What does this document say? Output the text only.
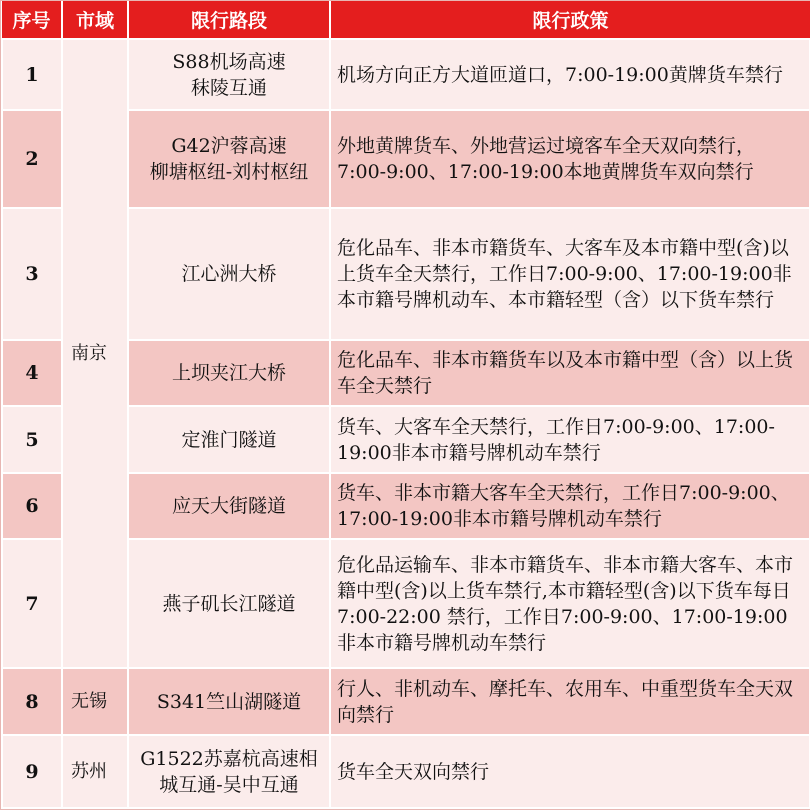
序号	市域	限行路段	限行政策
1	南京	S88机场高速
秣陵互通	机场方向正方大道匝道口，7:00-19:00黄牌货车禁行
2		G42沪蓉高速
柳塘枢纽-刘村枢纽	外地黄牌货车、外地营运过境客车全天双向禁行，7:00-9:00、17:00-19:00本地黄牌货车双向禁行
3		江心洲大桥	危化品车、非本市籍货车、大客车及本市籍中型(含)以上货车全天禁行，工作日7:00-9:00、17:00-19:00非本市籍号牌机动车、本市籍轻型（含）以下货车禁行
4		上坝夹江大桥	危化品车、非本市籍货车以及本市籍中型（含）以上货车全天禁行
5		定淮门隧道	货车、大客车全天禁行，工作日7:00-9:00、17:00-19:00非本市籍号牌机动车禁行
6		应天大街隧道	货车、非本市籍大客车全天禁行，工作日7:00-9:00、17:00-19:00非本市籍号牌机动车禁行
7		燕子矶长江隧道	危化品运输车、非本市籍货车、非本市籍大客车、本市籍中型(含)以上货车禁行,本市籍轻型(含)以下货车每日7:00-22:00 禁行，工作日7:00-9:00、17:00-19:00非本市籍号牌机动车禁行
8	无锡	S341竺山湖隧道	行人、非机动车、摩托车、农用车、中重型货车全天双向禁行
9	苏州	G1522苏嘉杭高速相
城互通-吴中互通	货车全天双向禁行
